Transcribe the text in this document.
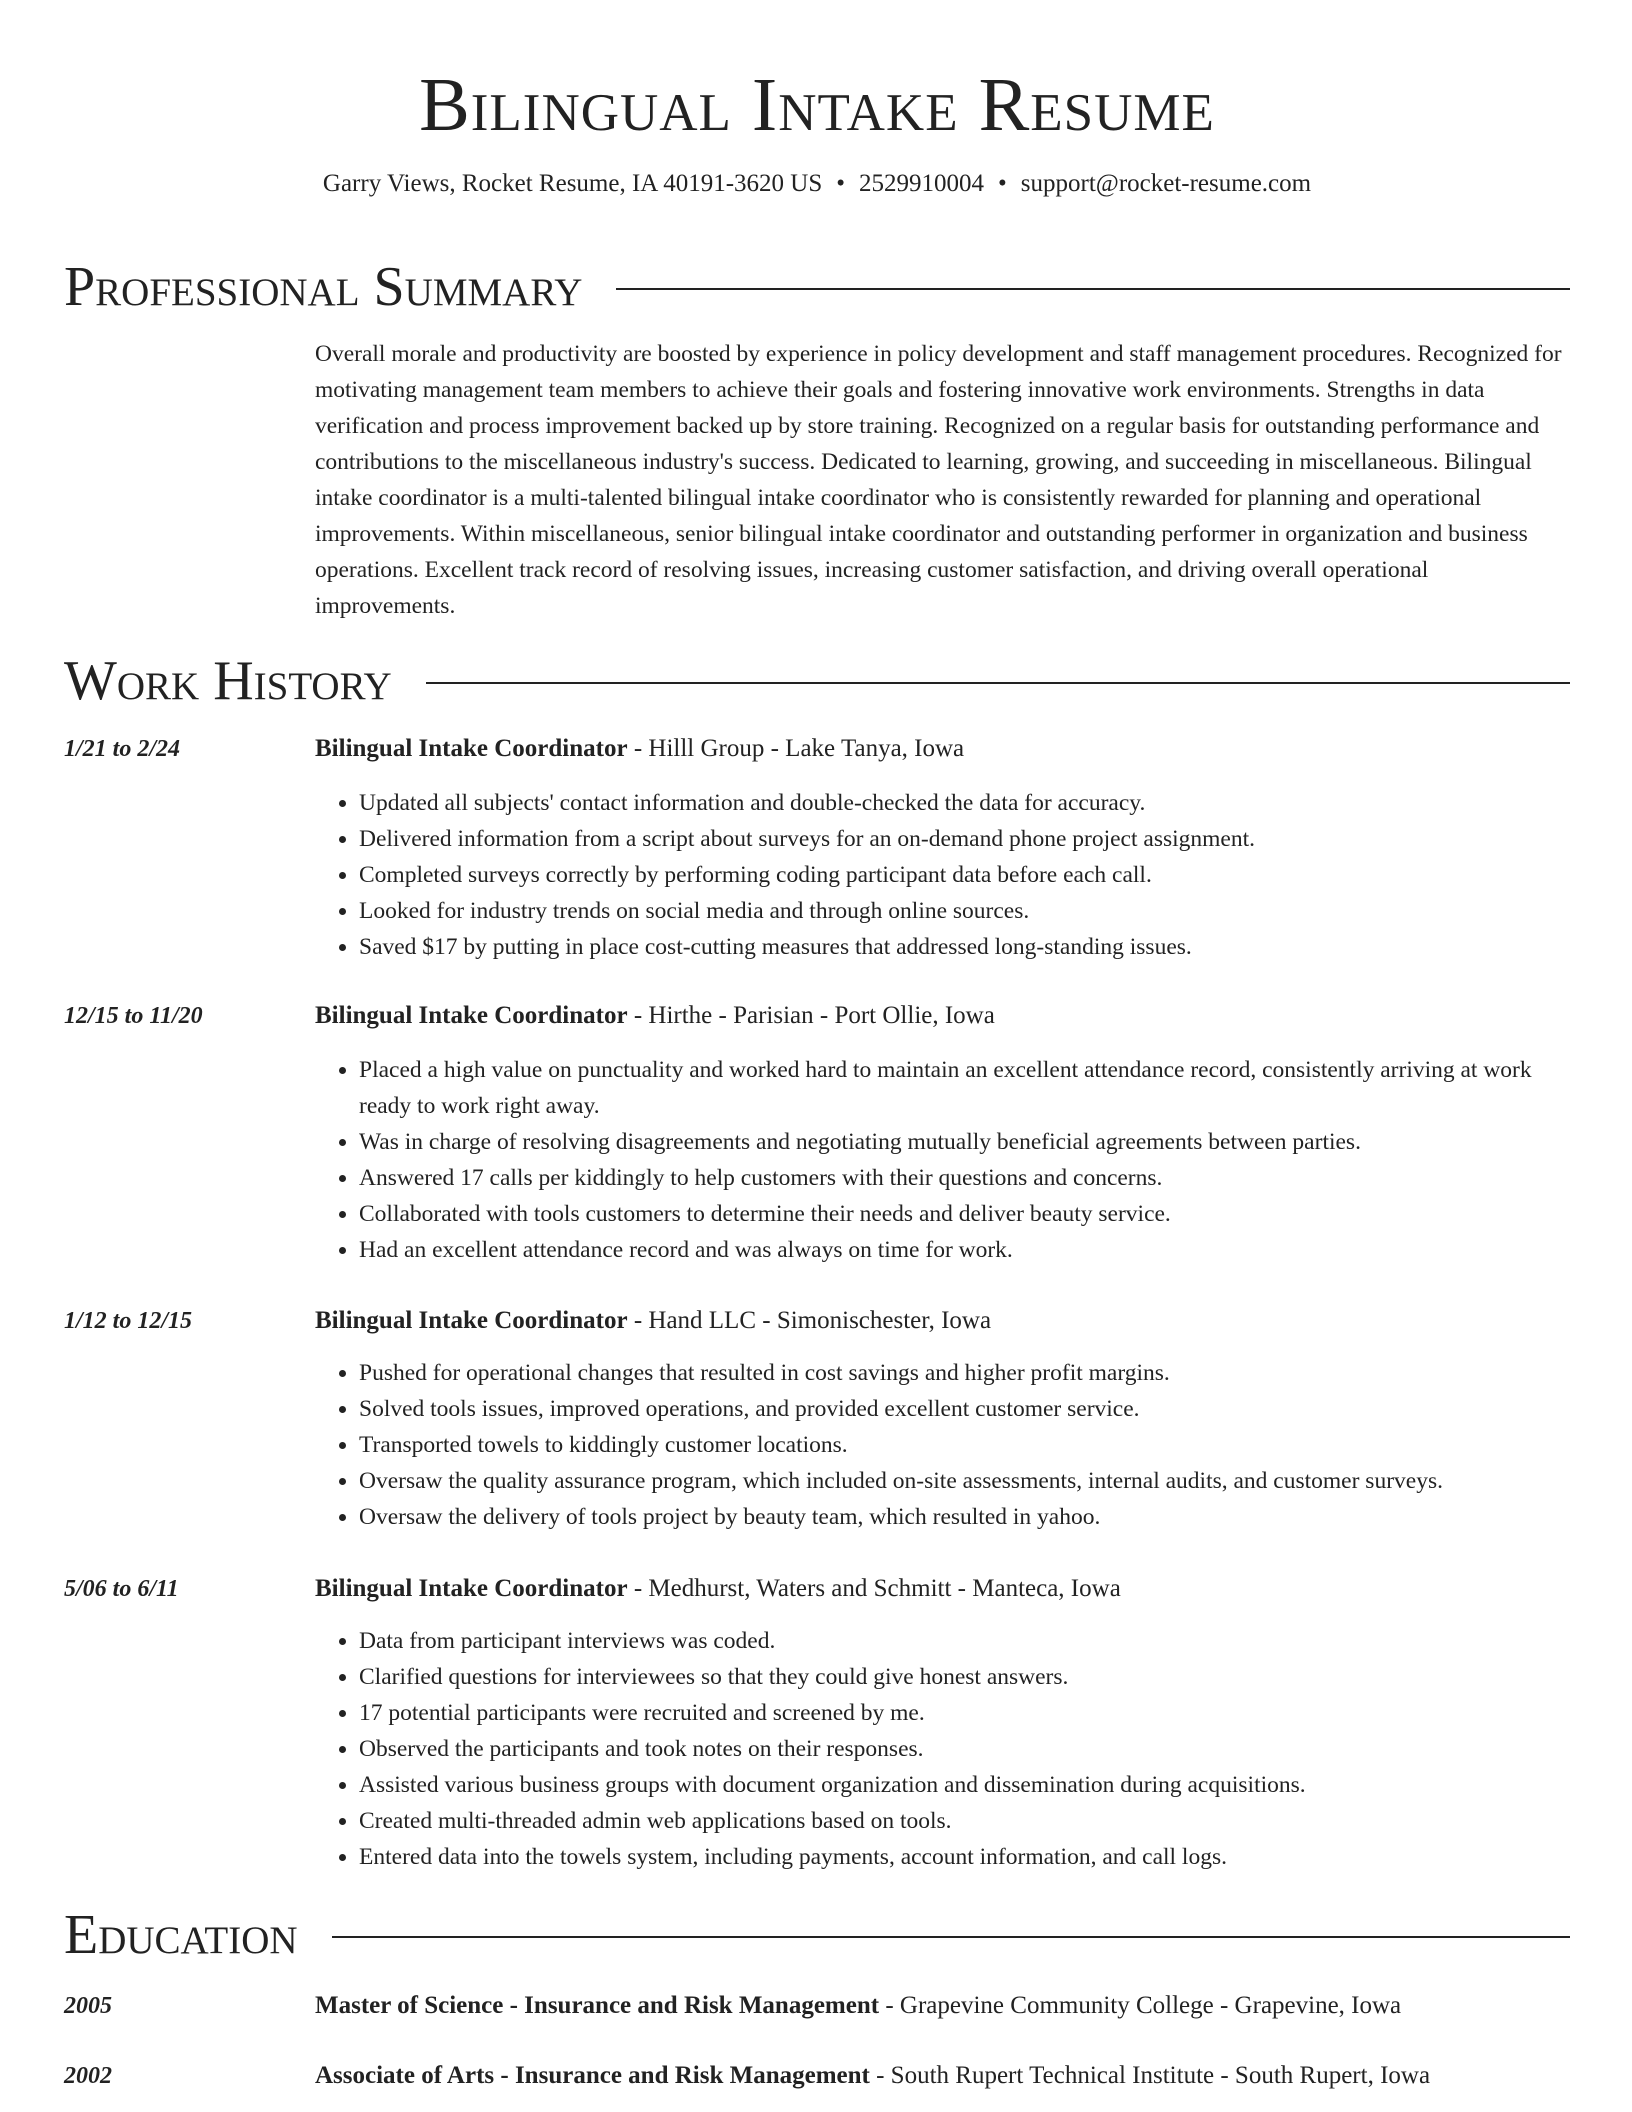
Bilingual Intake Resume
Garry Views, Rocket Resume, IA 40191-3620 US • 2529910004 • support@rocket-resume.com
Professional Summary

Overall morale and productivity are boosted by experience in policy development and staff management procedures. Recognized for motivating management team members to achieve their goals and fostering innovative work environments. Strengths in data verification and process improvement backed up by store training. Recognized on a regular basis for outstanding performance and contributions to the miscellaneous industry's success. Dedicated to learning, growing, and succeeding in miscellaneous. Bilingual intake coordinator is a multi-talented bilingual intake coordinator who is consistently rewarded for planning and operational improvements. Within miscellaneous, senior bilingual intake coordinator and outstanding performer in organization and business operations. Excellent track record of resolving issues, increasing customer satisfaction, and driving overall operational improvements.

Work History
1/21 to 2/24	Bilingual Intake Coordinator - Hilll Group - Lake Tanya, Iowa
• Updated all subjects' contact information and double-checked the data for accuracy.
• Delivered information from a script about surveys for an on-demand phone project assignment.
• Completed surveys correctly by performing coding participant data before each call.
• Looked for industry trends on social media and through online sources.
• Saved $17 by putting in place cost-cutting measures that addressed long-standing issues.
12/15 to 11/20	Bilingual Intake Coordinator - Hirthe - Parisian - Port Ollie, Iowa
• Placed a high value on punctuality and worked hard to maintain an excellent attendance record, consistently arriving at work ready to work right away.
• Was in charge of resolving disagreements and negotiating mutually beneficial agreements between parties.
• Answered 17 calls per kiddingly to help customers with their questions and concerns.
• Collaborated with tools customers to determine their needs and deliver beauty service.
• Had an excellent attendance record and was always on time for work.
1/12 to 12/15	Bilingual Intake Coordinator - Hand LLC - Simonischester, Iowa
• Pushed for operational changes that resulted in cost savings and higher profit margins.
• Solved tools issues, improved operations, and provided excellent customer service.
• Transported towels to kiddingly customer locations.
• Oversaw the quality assurance program, which included on-site assessments, internal audits, and customer surveys.
• Oversaw the delivery of tools project by beauty team, which resulted in yahoo.
5/06 to 6/11	Bilingual Intake Coordinator - Medhurst, Waters and Schmitt - Manteca, Iowa
• Data from participant interviews was coded.
• Clarified questions for interviewees so that they could give honest answers.
• 17 potential participants were recruited and screened by me.
• Observed the participants and took notes on their responses.
• Assisted various business groups with document organization and dissemination during acquisitions.
• Created multi-threaded admin web applications based on tools.
• Entered data into the towels system, including payments, account information, and call logs.
Education
2005	Master of Science - Insurance and Risk Management - Grapevine Community College - Grapevine, Iowa
2002	Associate of Arts - Insurance and Risk Management - South Rupert Technical Institute - South Rupert, Iowa
